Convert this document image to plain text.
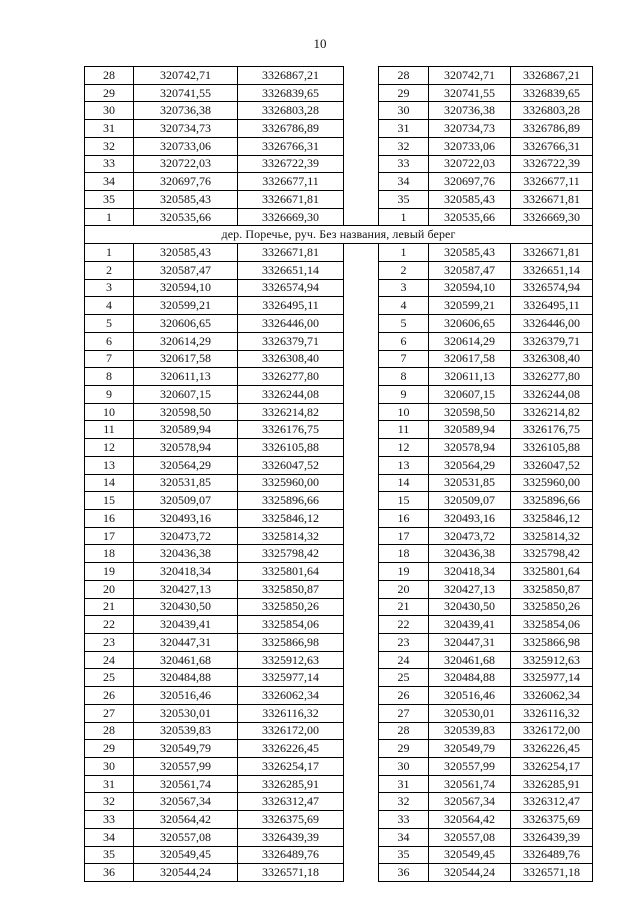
10
28	320742,71	3326867,21		28	320742,71	3326867,21
29	320741,55	3326839,65		29	320741,55	3326839,65
30	320736,38	3326803,28		30	320736,38	3326803,28
31	320734,73	3326786,89		31	320734,73	3326786,89
32	320733,06	3326766,31		32	320733,06	3326766,31
33	320722,03	3326722,39		33	320722,03	3326722,39
34	320697,76	3326677,11		34	320697,76	3326677,11
35	320585,43	3326671,81		35	320585,43	3326671,81
1	320535,66	3326669,30		1	320535,66	3326669,30
дер. Поречье, руч. Без названия, левый берег						
1	320585,43	3326671,81		1	320585,43	3326671,81
2	320587,47	3326651,14		2	320587,47	3326651,14
3	320594,10	3326574,94		3	320594,10	3326574,94
4	320599,21	3326495,11		4	320599,21	3326495,11
5	320606,65	3326446,00		5	320606,65	3326446,00
6	320614,29	3326379,71		6	320614,29	3326379,71
7	320617,58	3326308,40		7	320617,58	3326308,40
8	320611,13	3326277,80		8	320611,13	3326277,80
9	320607,15	3326244,08		9	320607,15	3326244,08
10	320598,50	3326214,82		10	320598,50	3326214,82
11	320589,94	3326176,75		11	320589,94	3326176,75
12	320578,94	3326105,88		12	320578,94	3326105,88
13	320564,29	3326047,52		13	320564,29	3326047,52
14	320531,85	3325960,00		14	320531,85	3325960,00
15	320509,07	3325896,66		15	320509,07	3325896,66
16	320493,16	3325846,12		16	320493,16	3325846,12
17	320473,72	3325814,32		17	320473,72	3325814,32
18	320436,38	3325798,42		18	320436,38	3325798,42
19	320418,34	3325801,64		19	320418,34	3325801,64
20	320427,13	3325850,87		20	320427,13	3325850,87
21	320430,50	3325850,26		21	320430,50	3325850,26
22	320439,41	3325854,06		22	320439,41	3325854,06
23	320447,31	3325866,98		23	320447,31	3325866,98
24	320461,68	3325912,63		24	320461,68	3325912,63
25	320484,88	3325977,14		25	320484,88	3325977,14
26	320516,46	3326062,34		26	320516,46	3326062,34
27	320530,01	3326116,32		27	320530,01	3326116,32
28	320539,83	3326172,00		28	320539,83	3326172,00
29	320549,79	3326226,45		29	320549,79	3326226,45
30	320557,99	3326254,17		30	320557,99	3326254,17
31	320561,74	3326285,91		31	320561,74	3326285,91
32	320567,34	3326312,47		32	320567,34	3326312,47
33	320564,42	3326375,69		33	320564,42	3326375,69
34	320557,08	3326439,39		34	320557,08	3326439,39
35	320549,45	3326489,76		35	320549,45	3326489,76
36	320544,24	3326571,18		36	320544,24	3326571,18
